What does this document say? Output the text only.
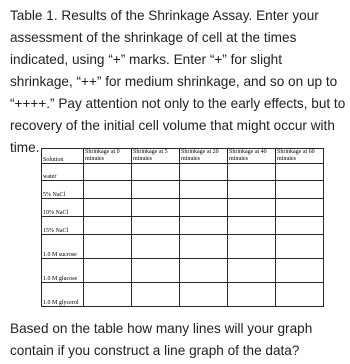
Table 1. Results of the Shrinkage Assay. Enter your assessment of the shrinkage of cell at the times indicated, using “+” marks. Enter “+” for slight shrinkage, “++” for medium shrinkage, and so on up to “++++.” Pay attention not only to the early effects, but to recovery of the initial cell volume that might occur with time.

Solution	Shrinkage at 0 minutes	Shrinkage at 5 minutes	Shrinkage at 20 minutes	Shrinkage at 40 minutes	Shrinkage at 60 minutes
water					
5% NaCl					
10% NaCl					
15% NaCl					
1.0 M sucrose					
1.0 M glucose					
1.0 M glycerol					

Based on the table how many lines will your graph contain if you construct a line graph of the data?
